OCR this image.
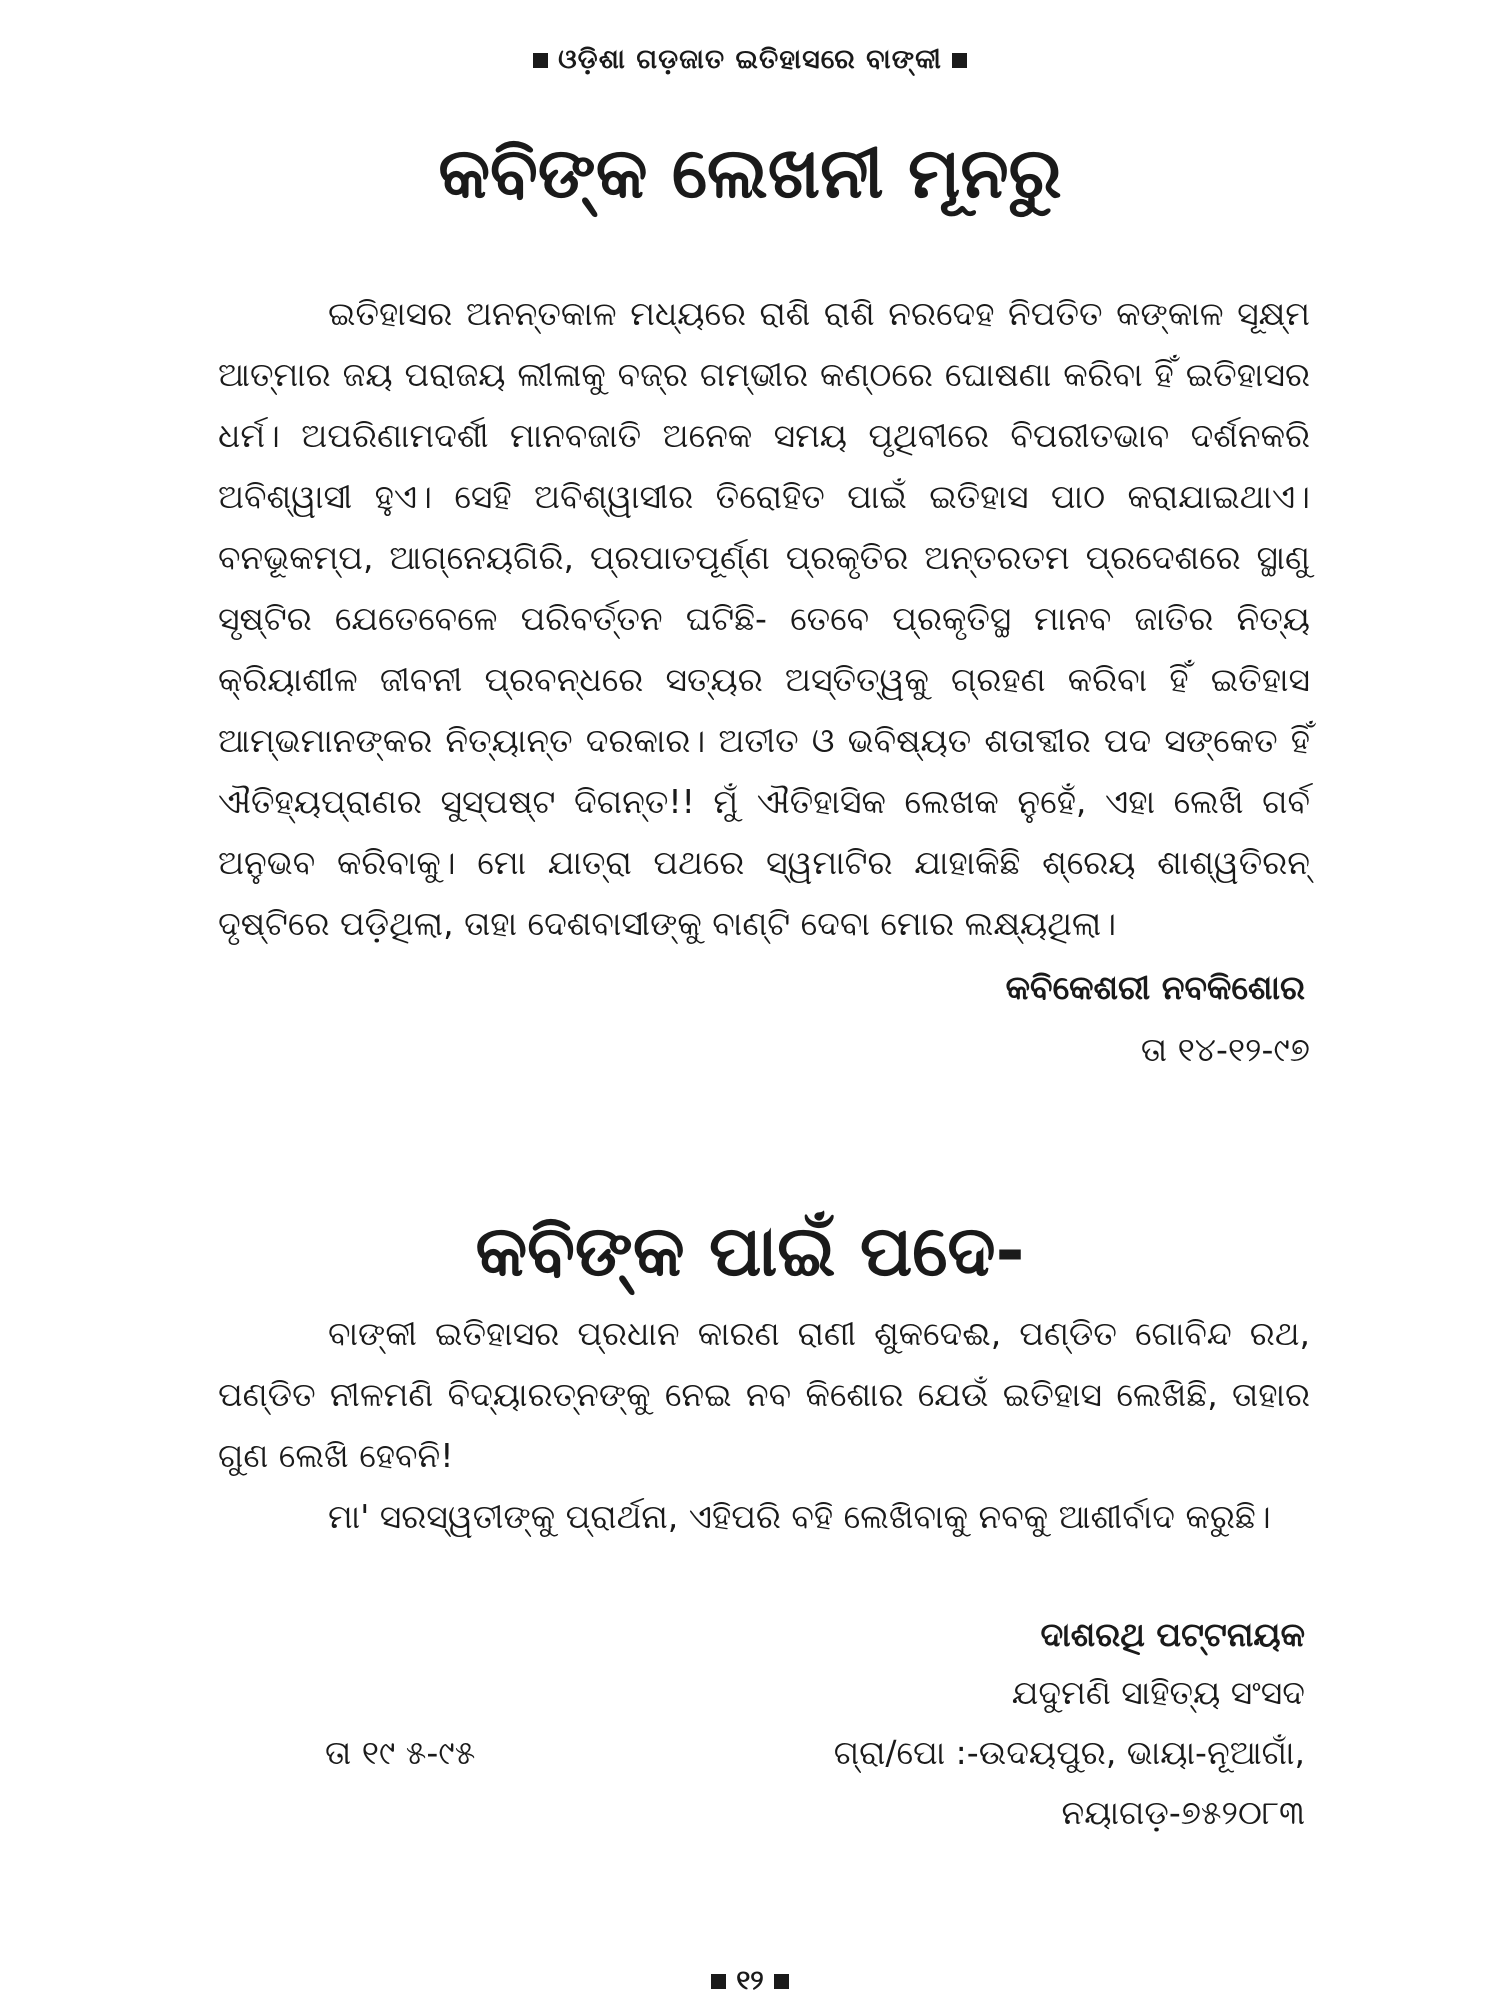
ଓଡ଼ିଶା ଗଡ଼ଜାତ ଇତିହାସରେ ବାଙ୍କୀ
କବିଙ୍କ ଲେଖନୀ ମୂନରୁ

ଇତିହାସର ଅନନ୍ତକାଳ ମଧ୍ୟରେ ରାଶି ରାଶି ନରଦେହ ନିପତିତ କଙ୍କାଳ ସୂକ୍ଷ୍ମ ଆତ୍ମାର ଜୟ ପରାଜୟ ଲୀଳାକୁ ବଜ୍ର ଗମ୍ଭୀର କଣ୍ଠରେ ଘୋଷଣା କରିବା ହିଁ ଇତିହାସର ଧର୍ମ। ଅପରିଣାମଦର୍ଶୀ ମାନବଜାତି ଅନେକ ସମୟ ପୃଥିବୀରେ ବିପରୀତଭାବ ଦର୍ଶନକରି ଅବିଶ୍ୱାସୀ ହୁଏ। ସେହି ଅବିଶ୍ୱାସୀର ତିରୋହିତ ପାଇଁ ଇତିହାସ ପାଠ କରାଯାଇଥାଏ। ବନଭୂକମ୍ପ, ଆଗ୍ନେୟଗିରି, ପ୍ରପାତପୂର୍ଣ୍ଣ ପ୍ରକୃତିର ଅନ୍ତରତମ ପ୍ରଦେଶରେ ସ୍ଥାଣୁ ସୃଷ୍ଟିର ଯେତେବେଳେ ପରିବର୍ତ୍ତନ ଘଟିଛି- ତେବେ ପ୍ରକୃତିସ୍ଥ ମାନବ ଜାତିର ନିତ୍ୟ କ୍ରିୟାଶୀଳ ଜୀବନୀ ପ୍ରବନ୍ଧରେ ସତ୍ୟର ଅସ୍ତିତ୍ୱକୁ ଗ୍ରହଣ କରିବା ହିଁ ଇତିହାସ ଆମ୍ଭମାନଙ୍କର ନିତ୍ୟାନ୍ତ ଦରକାର। ଅତୀତ ଓ ଭବିଷ୍ୟତ ଶତାବ୍ଦୀର ପଦ ସଙ୍କେତ ହିଁ ଐତିହ୍ୟପ୍ରାଣର ସୁସ୍ପଷ୍ଟ ଦିଗନ୍ତ!! ମୁଁ ଐତିହାସିକ ଲେଖକ ନୁହେଁ, ଏହା ଲେଖି ଗର୍ବ ଅନୁଭବ କରିବାକୁ। ମୋ ଯାତ୍ରା ପଥରେ ସ୍ୱମାଟିର ଯାହାକିଛି ଶ୍ରେୟ ଶାଶ୍ୱତିରନ୍ ଦୃଷ୍ଟିରେ ପଡ଼ିଥିଲା, ତାହା ଦେଶବାସୀଙ୍କୁ ବାଣ୍ଟି ଦେବା ମୋର ଲକ୍ଷ୍ୟଥିଲା।

କବିକେଶରୀ ନବକିଶୋର
ତା ୧୪-୧୨-୯୭
କବିଙ୍କ ପାଇଁ ପଦେ-

ବାଙ୍କୀ ଇତିହାସର ପ୍ରଧାନ କାରଣ ରାଣୀ ଶୁକଦେଈ, ପଣ୍ଡିତ ଗୋବିନ୍ଦ ରଥ, ପଣ୍ଡିତ ନୀଳମଣି ବିଦ୍ୟାରତ୍ନଙ୍କୁ ନେଇ ନବ କିଶୋର ଯେଉଁ ଇତିହାସ ଲେଖିଛି, ତାହାର ଗୁଣ ଲେଖି ହେବନି!

ମା' ସରସ୍ୱତୀଙ୍କୁ ପ୍ରାର୍ଥନା, ଏହିପରି ବହି ଲେଖିବାକୁ ନବକୁ ଆଶୀର୍ବାଦ କରୁଛି।

ଦାଶରଥି ପଟ୍ଟନାୟକ
ଯଦୁମଣି ସାହିତ୍ୟ ସଂସଦ
ତା ୧୯ ୫-୯୫	ଗ୍ରା/ପୋ :-ଉଦୟପୁର, ଭାୟା-ନୂଆଗାଁ,
ନୟାଗଡ଼-୭୫୨୦୮୩
୧୨
